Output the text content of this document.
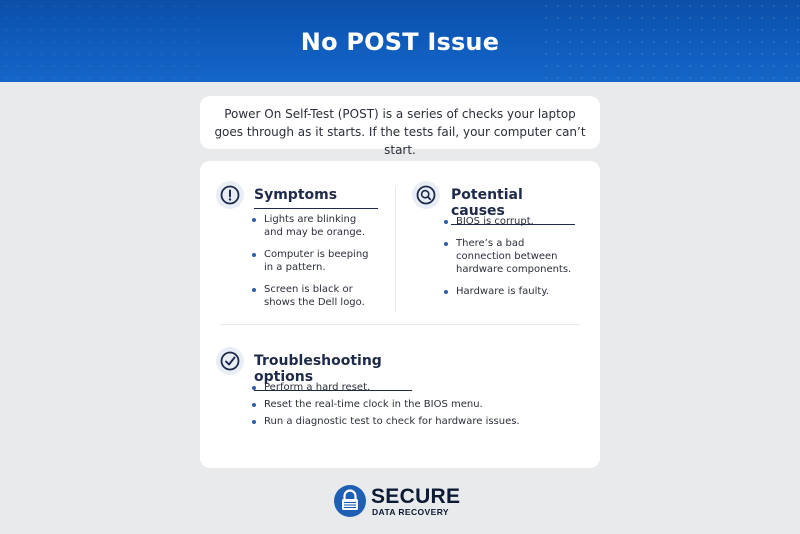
No POST Issue
Power On Self-Test (POST) is a series of checks your laptop goes through as it starts. If the tests fail, your computer can’t start.
Symptoms
Lights are blinking and may be orange.
Computer is beeping in a pattern.
Screen is black or shows the Dell logo.
Potential causes
BIOS is corrupt.
There’s a bad connection between hardware components.
Hardware is faulty.
Troubleshooting options
Perform a hard reset.
Reset the real-time clock in the BIOS menu.
Run a diagnostic test to check for hardware issues.
SECURE
DATA RECOVERY
